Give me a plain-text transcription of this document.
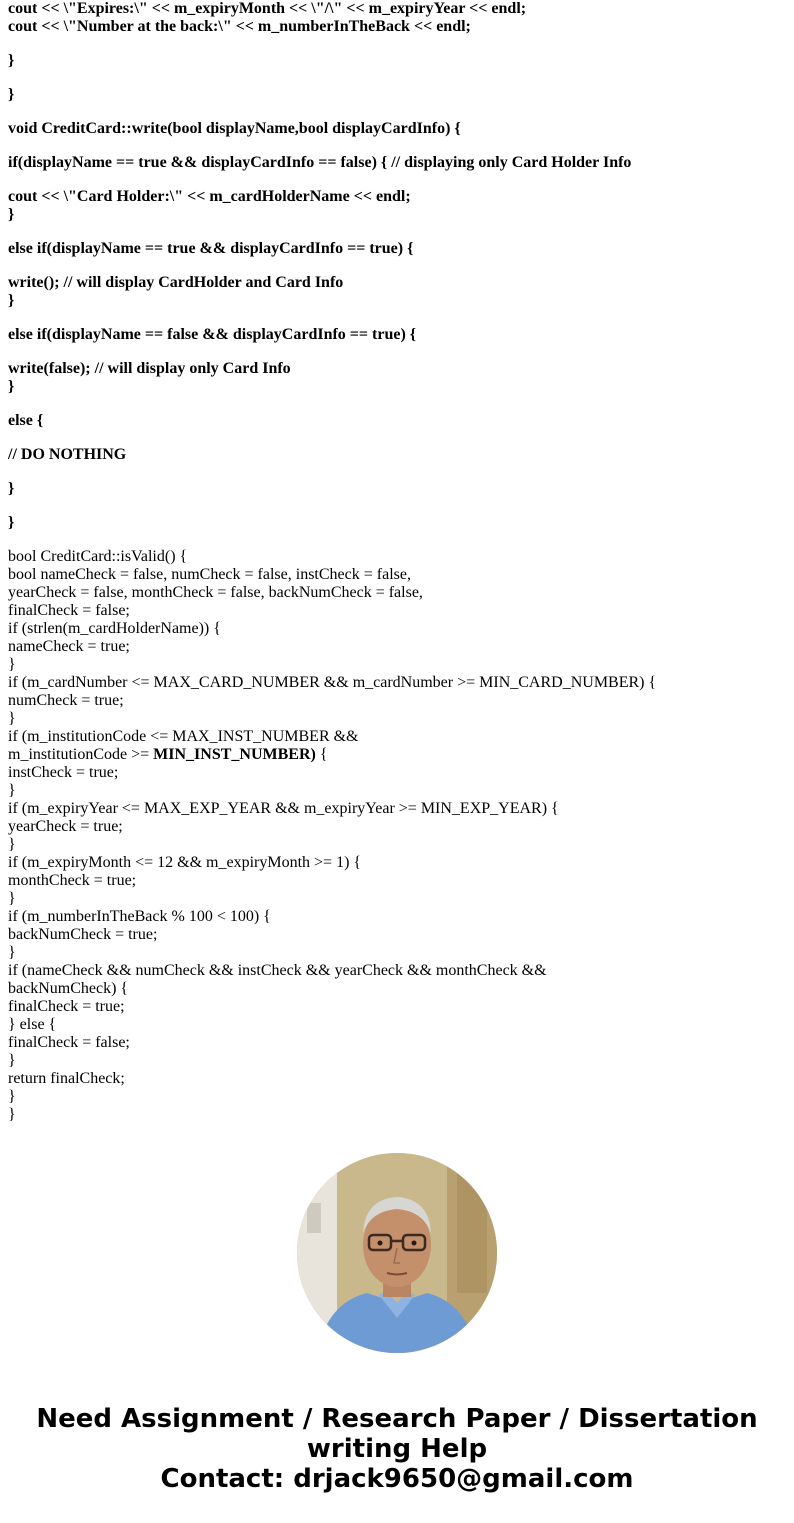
cout << \"Expires:\" << m_expiryMonth << \"/\" << m_expiryYear << endl;
cout << \"Number at the back:\" << m_numberInTheBack << endl;
}
}
void CreditCard::write(bool displayName,bool displayCardInfo) {
if(displayName == true && displayCardInfo == false) { // displaying only Card Holder Info
cout << \"Card Holder:\" << m_cardHolderName << endl;
}
else if(displayName == true && displayCardInfo == true) {
write(); // will display CardHolder and Card Info
}
else if(displayName == false && displayCardInfo == true) {
write(false); // will display only Card Info
}
else {
// DO NOTHING
}
}
bool CreditCard::isValid() {
bool nameCheck = false, numCheck = false, instCheck = false,
yearCheck = false, monthCheck = false, backNumCheck = false,
finalCheck = false;
if (strlen(m_cardHolderName)) {
nameCheck = true;
}
if (m_cardNumber <= MAX_CARD_NUMBER && m_cardNumber >= MIN_CARD_NUMBER) {
numCheck = true;
}
if (m_institutionCode <= MAX_INST_NUMBER &&
m_institutionCode >= MIN_INST_NUMBER) {
instCheck = true;
}
if (m_expiryYear <= MAX_EXP_YEAR && m_expiryYear >= MIN_EXP_YEAR) {
yearCheck = true;
}
if (m_expiryMonth <= 12 && m_expiryMonth >= 1) {
monthCheck = true;
}
if (m_numberInTheBack % 100 < 100) {
backNumCheck = true;
}
if (nameCheck && numCheck && instCheck && yearCheck && monthCheck &&
backNumCheck) {
finalCheck = true;
} else {
finalCheck = false;
}
return finalCheck;
}
}
Need Assignment / Research Paper / Dissertation
writing Help
Contact: drjack9650@gmail.com
